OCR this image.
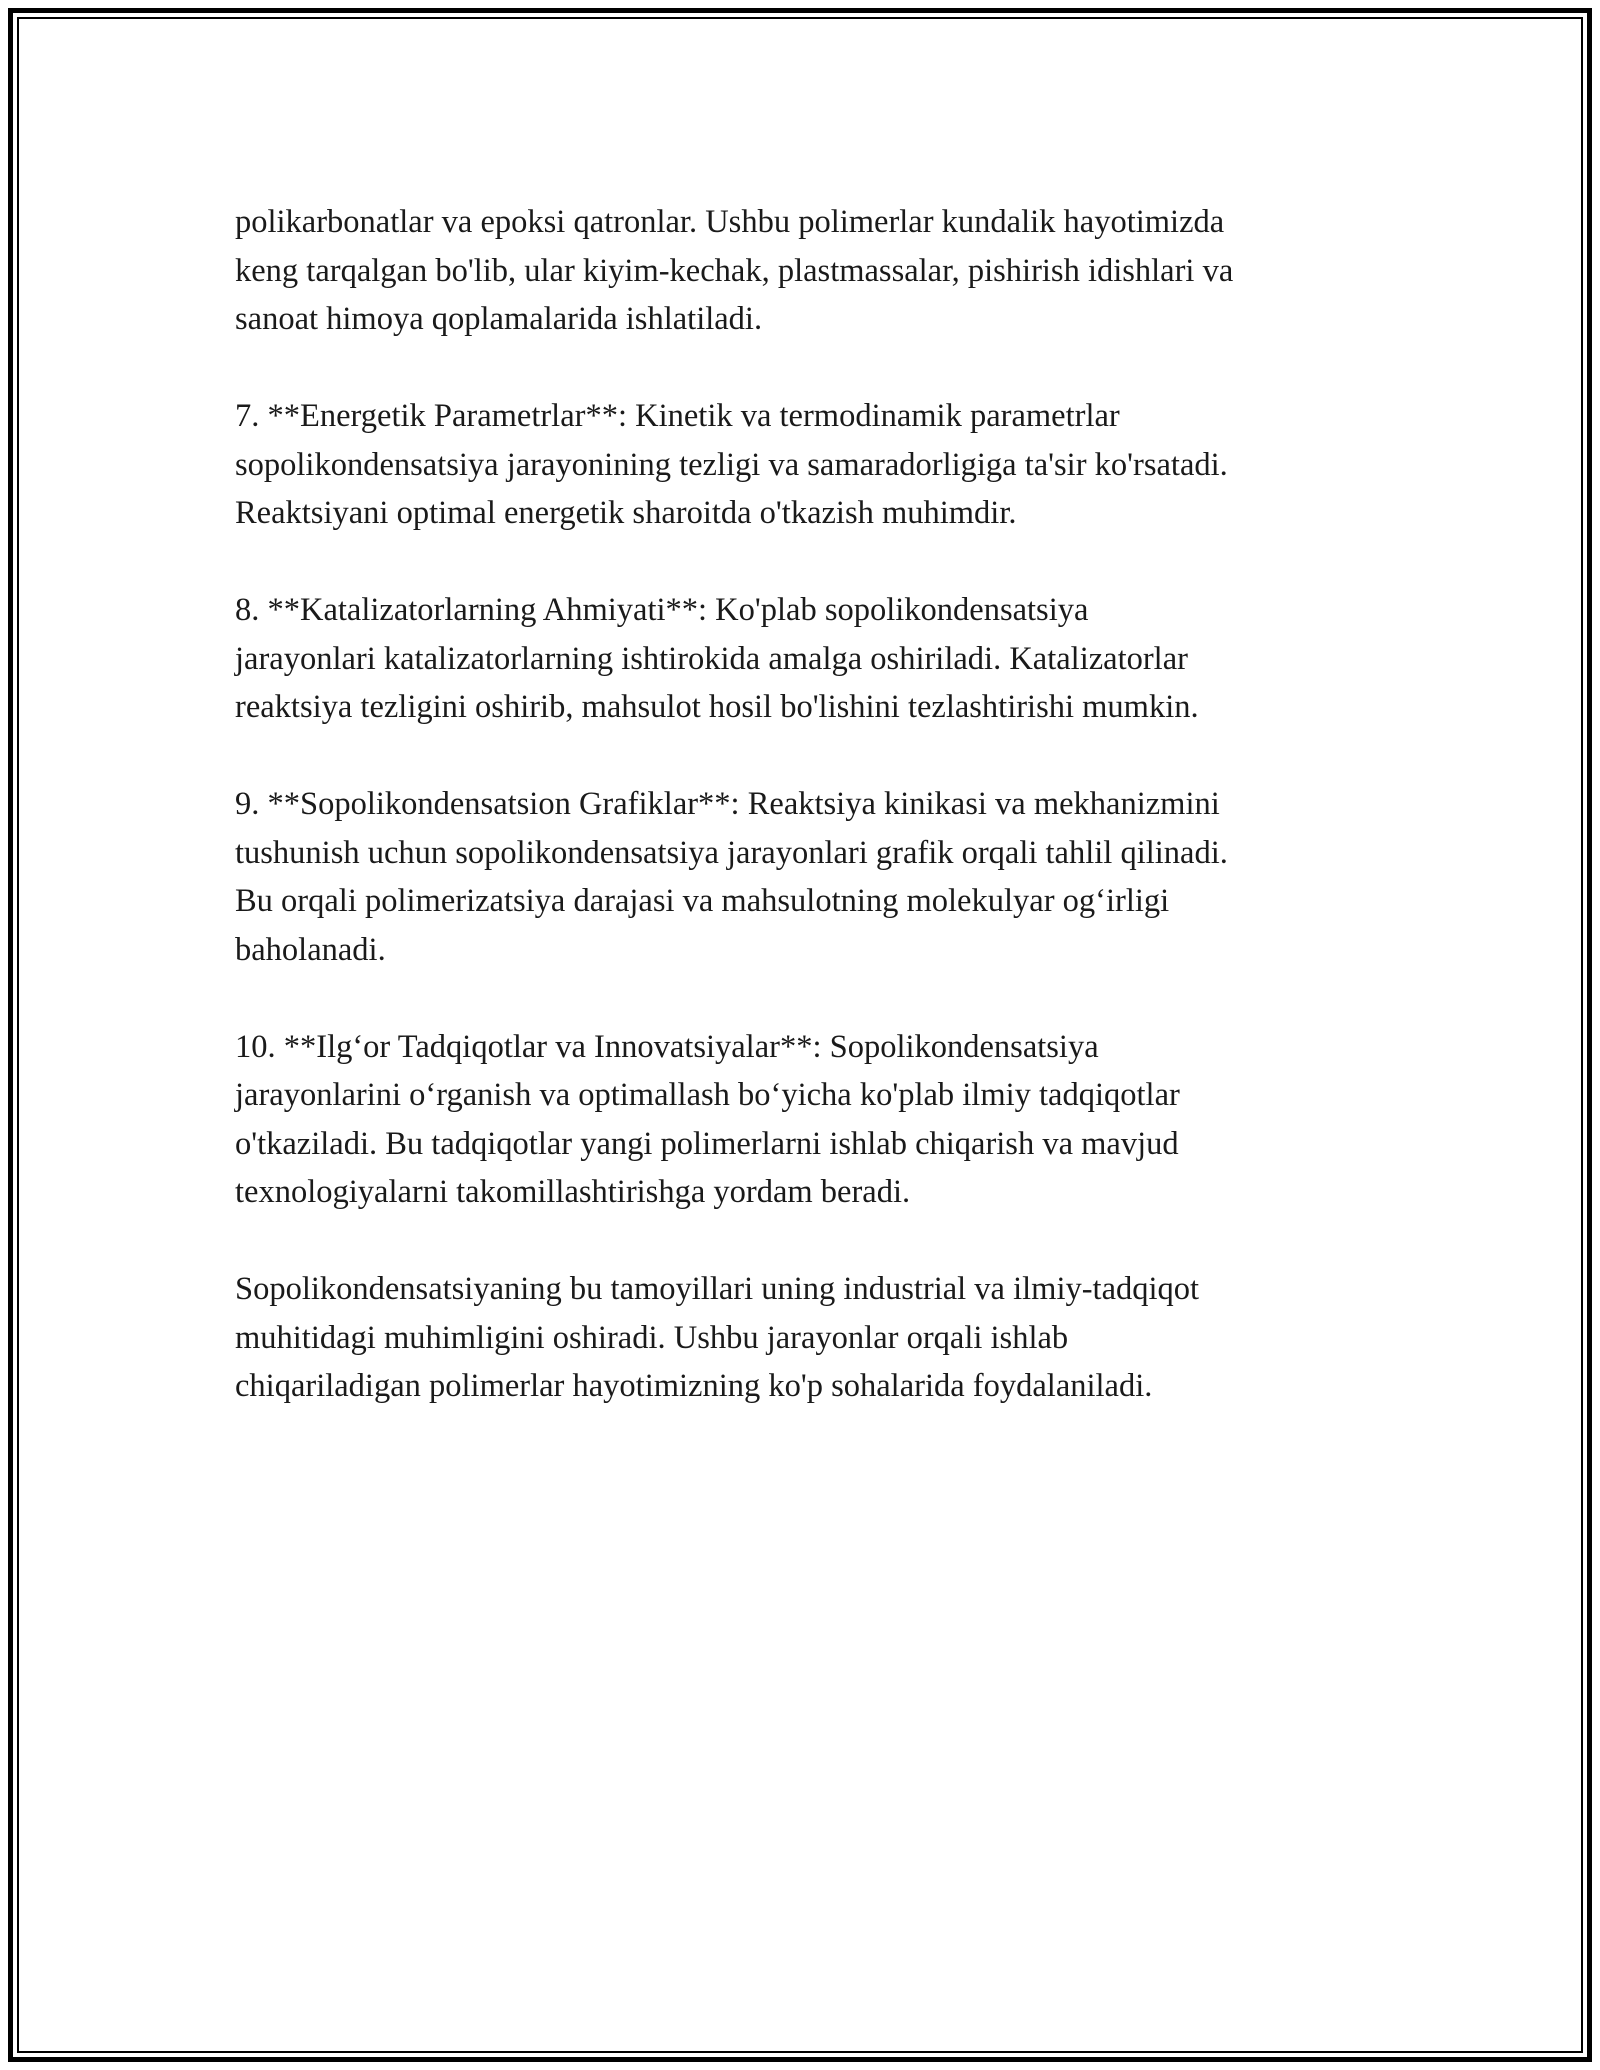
polikarbonatlar va epoksi qatronlar. Ushbu polimerlar kundalik hayotimizda
keng tarqalgan bo'lib, ular kiyim-kechak, plastmassalar, pishirish idishlari va
sanoat himoya qoplamalarida ishlatiladi.

7. **Energetik Parametrlar**: Kinetik va termodinamik parametrlar
sopolikondensatsiya jarayonining tezligi va samaradorligiga ta'sir ko'rsatadi.
Reaktsiyani optimal energetik sharoitda o'tkazish muhimdir.

8. **Katalizatorlarning Ahmiyati**: Ko'plab sopolikondensatsiya
jarayonlari katalizatorlarning ishtirokida amalga oshiriladi. Katalizatorlar
reaktsiya tezligini oshirib, mahsulot hosil bo'lishini tezlashtirishi mumkin.

9. **Sopolikondensatsion Grafiklar**: Reaktsiya kinikasi va mekhanizmini
tushunish uchun sopolikondensatsiya jarayonlari grafik orqali tahlil qilinadi.
Bu orqali polimerizatsiya darajasi va mahsulotning molekulyar og‘irligi
baholanadi.

10. **Ilg‘or Tadqiqotlar va Innovatsiyalar**: Sopolikondensatsiya
jarayonlarini o‘rganish va optimallash bo‘yicha ko'plab ilmiy tadqiqotlar
o'tkaziladi. Bu tadqiqotlar yangi polimerlarni ishlab chiqarish va mavjud
texnologiyalarni takomillashtirishga yordam beradi.

Sopolikondensatsiyaning bu tamoyillari uning industrial va ilmiy-tadqiqot
muhitidagi muhimligini oshiradi. Ushbu jarayonlar orqali ishlab
chiqariladigan polimerlar hayotimizning ko'p sohalarida foydalaniladi.
